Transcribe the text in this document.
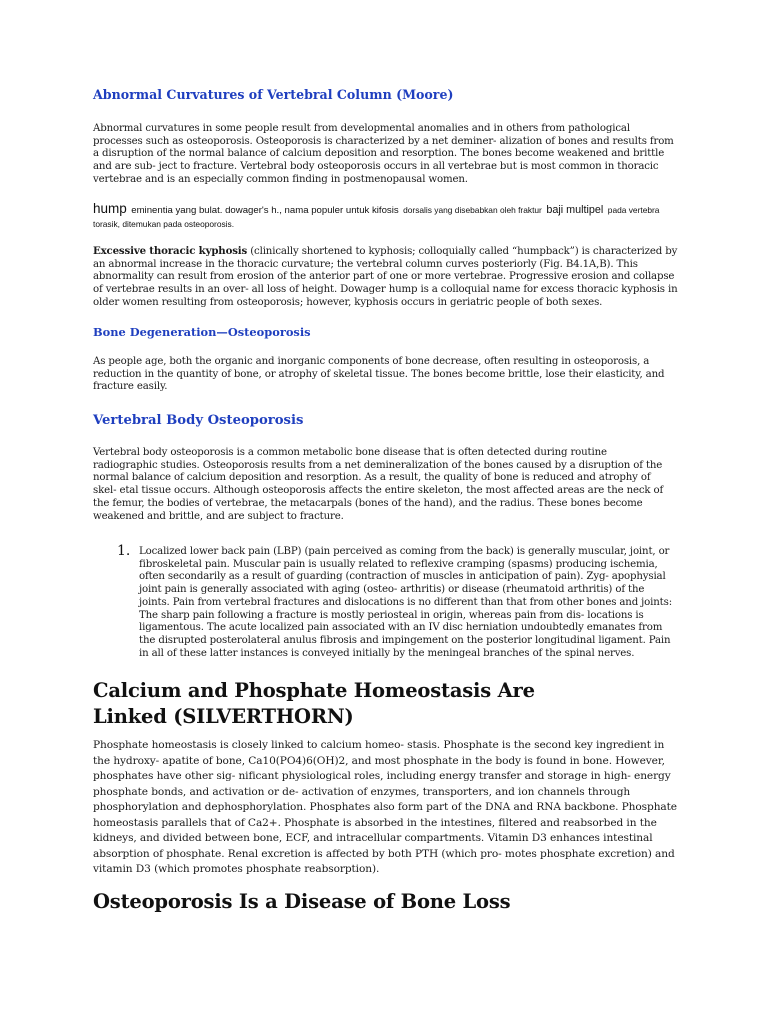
Abnormal Curvatures of Vertebral Column (Moore)
Abnormal curvatures in some people result from developmental anomalies and in others from pathological processes such as osteoporosis. Osteoporosis is characterized by a net deminer- alization of bones and results from a disruption of the normal balance of calcium deposition and resorption. The bones become weakened and brittle and are sub- ject to fracture. Vertebral body osteoporosis occurs in all vertebrae but is most common in thoracic vertebrae and is an especially common finding in postmenopausal women.
hump eminentia yang bulat. dowager's h., nama populer untuk kifosis dorsalis yang disebabkan oleh fraktur baji multipel pada vertebra torasik, ditemukan pada osteoporosis.
Excessive thoracic kyphosis (clinically shortened to kyphosis; colloquially called “humpback”) is characterized by an abnormal increase in the thoracic curvature; the vertebral column curves posteriorly (Fig. B4.1A,B). This abnormality can result from erosion of the anterior part of one or more vertebrae. Progressive erosion and collapse of vertebrae results in an over- all loss of height. Dowager hump is a colloquial name for excess thoracic kyphosis in older women resulting from osteoporosis; however, kyphosis occurs in geriatric people of both sexes.
Bone Degeneration—Osteoporosis
As people age, both the organic and inorganic components of bone decrease, often resulting in osteoporosis, a reduction in the quantity of bone, or atrophy of skeletal tissue. The bones become brittle, lose their elasticity, and fracture easily.
Vertebral Body Osteoporosis
Vertebral body osteoporosis is a common metabolic bone disease that is often detected during routine radiographic studies. Osteoporosis results from a net demineralization of the bones caused by a disruption of the normal balance of calcium deposition and resorption. As a result, the quality of bone is reduced and atrophy of skel- etal tissue occurs. Although osteoporosis affects the entire skeleton, the most affected areas are the neck of the femur, the bodies of vertebrae, the metacarpals (bones of the hand), and the radius. These bones become weakened and brittle, and are subject to fracture.
1. Localized lower back pain (LBP) (pain perceived as coming from the back) is generally muscular, joint, or fibroskeletal pain. Muscular pain is usually related to reflexive cramping (spasms) producing ischemia, often secondarily as a result of guarding (contraction of muscles in anticipation of pain). Zyg- apophysial joint pain is generally associated with aging (osteo- arthritis) or disease (rheumatoid arthritis) of the joints. Pain from vertebral fractures and dislocations is no different than that from other bones and joints: The sharp pain following a fracture is mostly periosteal in origin, whereas pain from dis- locations is ligamentous. The acute localized pain associated with an IV disc herniation undoubtedly emanates from the disrupted posterolateral anulus fibrosis and impingement on the posterior longitudinal ligament. Pain in all of these latter instances is conveyed initially by the meningeal branches of the spinal nerves.
Calcium and Phosphate Homeostasis Are Linked (SILVERTHORN)
Phosphate homeostasis is closely linked to calcium homeo- stasis. Phosphate is the second key ingredient in the hydroxy- apatite of bone, Ca10(PO4)6(OH)2, and most phosphate in the body is found in bone. However, phosphates have other sig- nificant physiological roles, including energy transfer and storage in high- energy phosphate bonds, and activation or de- activation of enzymes, transporters, and ion channels through phosphorylation and dephosphorylation. Phosphates also form part of the DNA and RNA backbone. Phosphate homeostasis parallels that of Ca2+. Phosphate is absorbed in the intestines, filtered and reabsorbed in the kidneys, and divided between bone, ECF, and intracellular compartments. Vitamin D3 enhances intestinal absorption of phosphate. Renal excretion is affected by both PTH (which pro- motes phosphate excretion) and vitamin D3 (which promotes phosphate reabsorption).
Osteoporosis Is a Disease of Bone Loss
